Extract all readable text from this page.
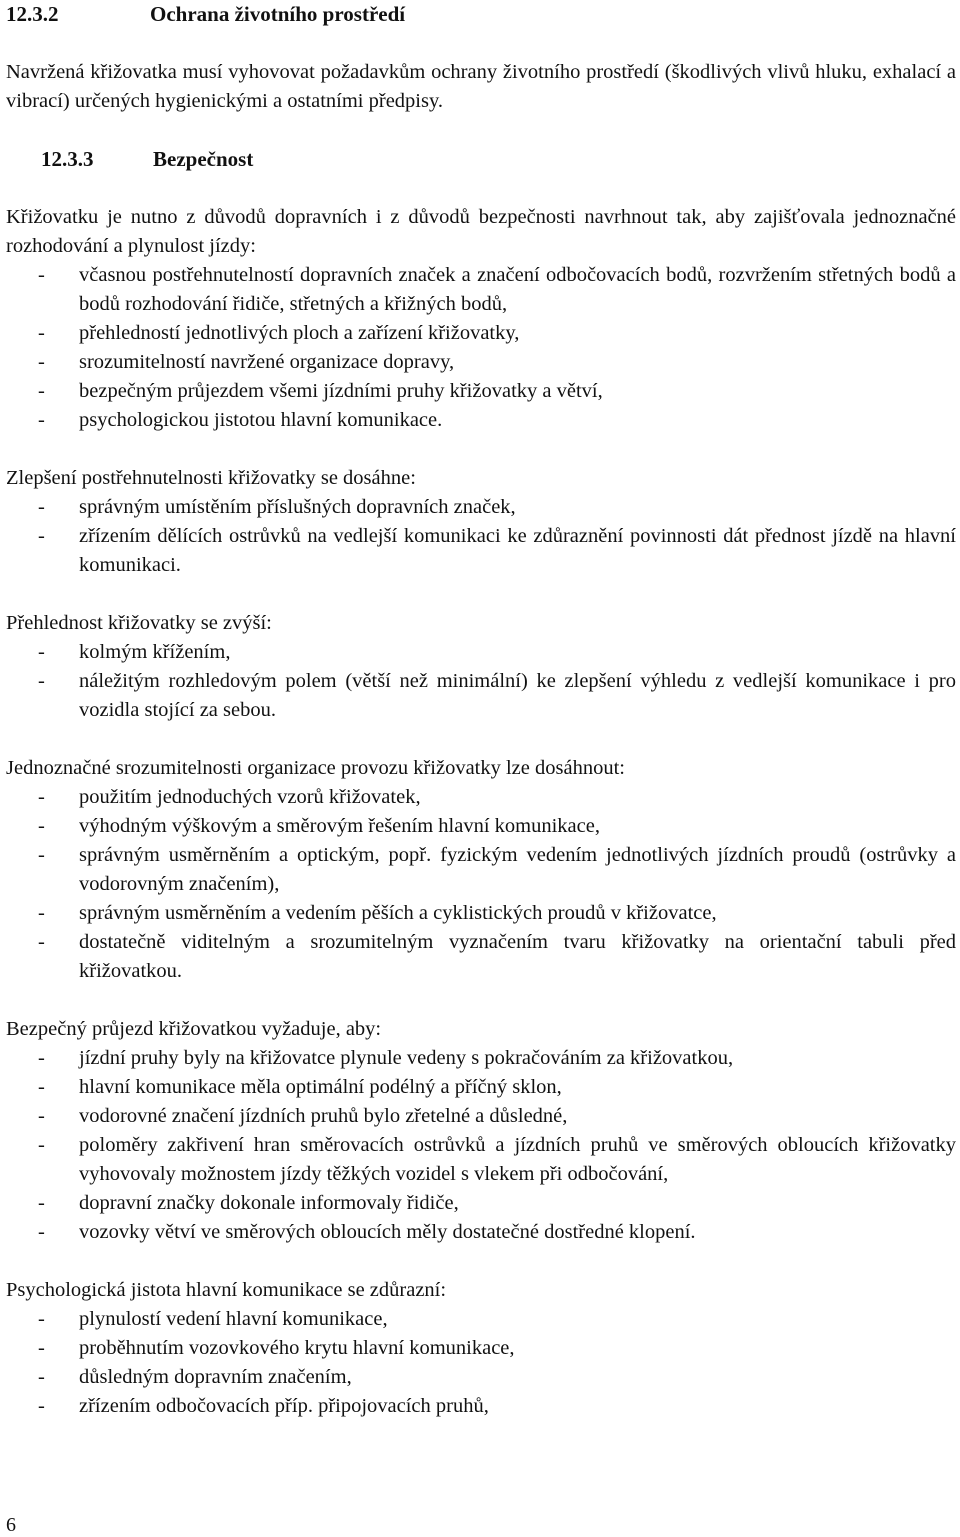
12.3.2	Ochrana životního prostředí

Navržená křižovatka musí vyhovovat požadavkům ochrany životního prostředí (škodlivých vlivů hluku, exhalací a vibrací) určených hygienickými a ostatními předpisy.

12.3.3	Bezpečnost

Křižovatku je nutno z důvodů dopravních i z důvodů bezpečnosti navrhnout tak, aby zajišťovala jednoznačné rozhodování a plynulost jízdy:

- včasnou postřehnutelností dopravních značek a značení odbočovacích bodů, rozvržením střetných bodů a bodů rozhodování řidiče, střetných a křižných bodů,
- přehledností jednotlivých ploch a zařízení křižovatky,
- srozumitelností navržené organizace dopravy,
- bezpečným průjezdem všemi jízdními pruhy křižovatky a větví,
- psychologickou jistotou hlavní komunikace.

Zlepšení postřehnutelnosti křižovatky se dosáhne:

- správným umístěním příslušných dopravních značek,
- zřízením dělících ostrůvků na vedlejší komunikaci ke zdůraznění povinnosti dát přednost jízdě na hlavní komunikaci.

Přehlednost křižovatky se zvýší:

- kolmým křížením,
- náležitým rozhledovým polem (větší než minimální) ke zlepšení výhledu z vedlejší komunikace i pro vozidla stojící za sebou.

Jednoznačné srozumitelnosti organizace provozu křižovatky lze dosáhnout:

- použitím jednoduchých vzorů křižovatek,
- výhodným výškovým a směrovým řešením hlavní komunikace,
- správným usměrněním a optickým, popř. fyzickým vedením jednotlivých jízdních proudů (ostrůvky a vodorovným značením),
- správným usměrněním a vedením pěších a cyklistických proudů v křižovatce,
- dostatečně viditelným a srozumitelným vyznačením tvaru křižovatky na orientační tabuli před křižovatkou.

Bezpečný průjezd křižovatkou vyžaduje, aby:

- jízdní pruhy byly na křižovatce plynule vedeny s pokračováním za křižovatkou,
- hlavní komunikace měla optimální podélný a příčný sklon,
- vodorovné značení jízdních pruhů bylo zřetelné a důsledné,
- poloměry zakřivení hran směrovacích ostrůvků a jízdních pruhů ve směrových obloucích křižovatky vyhovovaly možnostem jízdy těžkých vozidel s vlekem při odbočování,
- dopravní značky dokonale informovaly řidiče,
- vozovky větví ve směrových obloucích měly dostatečné dostředné klopení.

Psychologická jistota hlavní komunikace se zdůrazní:

- plynulostí vedení hlavní komunikace,
- proběhnutím vozovkového krytu hlavní komunikace,
- důsledným dopravním značením,
- zřízením odbočovacích příp. připojovacích pruhů,
6
